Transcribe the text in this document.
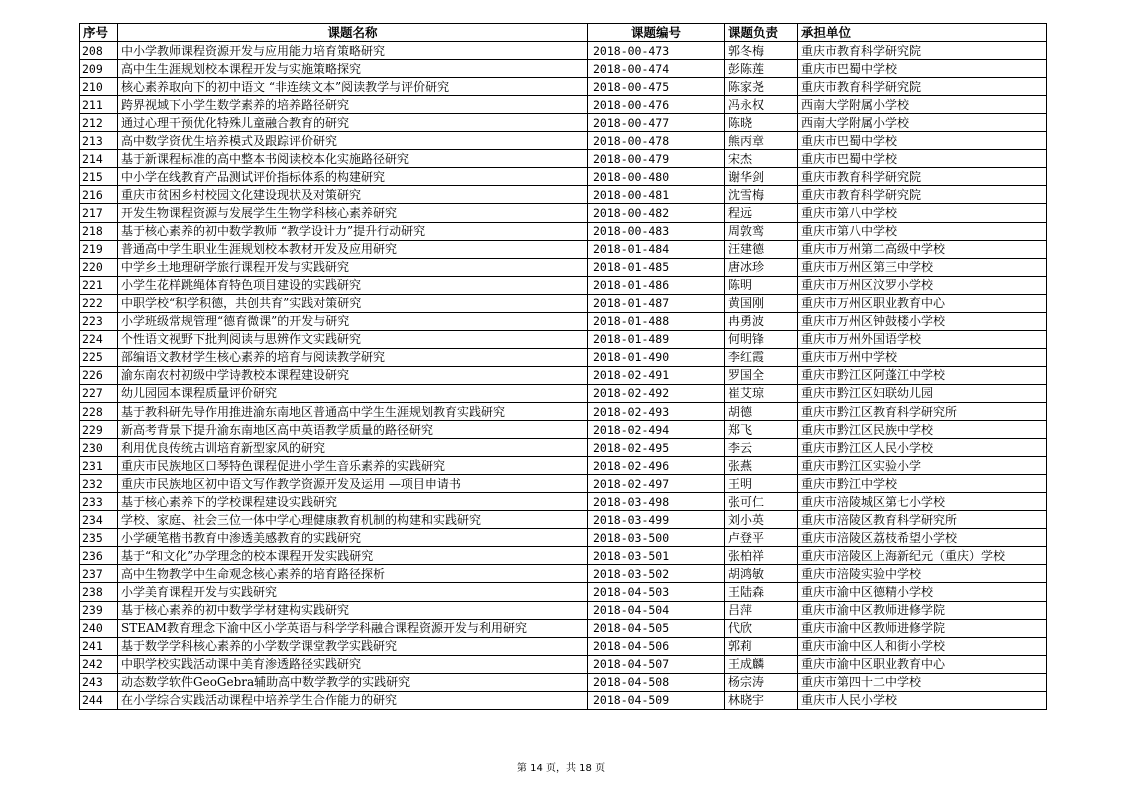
序号	课题名称	课题编号	课题负责	承担单位
208	中小学教师课程资源开发与应用能力培育策略研究	2018-00-473	郭冬梅	重庆市教育科学研究院
209	高中生生涯规划校本课程开发与实施策略探究	2018-00-474	彭陈莲	重庆市巴蜀中学校
210	核心素养取向下的初中语文 “非连续文本”阅读教学与评价研究	2018-00-475	陈家尧	重庆市教育科学研究院
211	跨界视域下小学生数学素养的培养路径研究	2018-00-476	冯永权	西南大学附属小学校
212	通过心理干预优化特殊儿童融合教育的研究	2018-00-477	陈晓	西南大学附属小学校
213	高中数学资优生培养模式及跟踪评价研究	2018-00-478	熊丙章	重庆市巴蜀中学校
214	基于新课程标准的高中整本书阅读校本化实施路径研究	2018-00-479	宋杰	重庆市巴蜀中学校
215	中小学在线教育产品测试评价指标体系的构建研究	2018-00-480	谢华剑	重庆市教育科学研究院
216	重庆市贫困乡村校园文化建设现状及对策研究	2018-00-481	沈雪梅	重庆市教育科学研究院
217	开发生物课程资源与发展学生生物学科核心素养研究	2018-00-482	程远	重庆市第八中学校
218	基于核心素养的初中数学教师 “教学设计力”提升行动研究	2018-00-483	周敦鸾	重庆市第八中学校
219	普通高中学生职业生涯规划校本教材开发及应用研究	2018-01-484	汪建德	重庆市万州第二高级中学校
220	中学乡土地理研学旅行课程开发与实践研究	2018-01-485	唐冰珍	重庆市万州区第三中学校
221	小学生花样跳绳体育特色项目建设的实践研究	2018-01-486	陈明	重庆市万州区汶罗小学校
222	中职学校“积学积德，共创共育”实践对策研究	2018-01-487	黄国刚	重庆市万州区职业教育中心
223	小学班级常规管理“德育微课”的开发与研究	2018-01-488	冉勇波	重庆市万州区钟鼓楼小学校
224	个性语文视野下批判阅读与思辨作文实践研究	2018-01-489	何明锋	重庆市万州外国语学校
225	部编语文教材学生核心素养的培育与阅读教学研究	2018-01-490	李红霞	重庆市万州中学校
226	渝东南农村初级中学诗教校本课程建设研究	2018-02-491	罗国全	重庆市黔江区阿蓬江中学校
227	幼儿园园本课程质量评价研究	2018-02-492	崔艾琼	重庆市黔江区妇联幼儿园
228	基于教科研先导作用推进渝东南地区普通高中学生生涯规划教育实践研究	2018-02-493	胡德	重庆市黔江区教育科学研究所
229	新高考背景下提升渝东南地区高中英语教学质量的路径研究	2018-02-494	郑飞	重庆市黔江区民族中学校
230	利用优良传统古训培育新型家风的研究	2018-02-495	李云	重庆市黔江区人民小学校
231	重庆市民族地区口琴特色课程促进小学生音乐素养的实践研究	2018-02-496	张燕	重庆市黔江区实验小学
232	重庆市民族地区初中语文写作教学资源开发及运用 —项目申请书	2018-02-497	王明	重庆市黔江中学校
233	基于核心素养下的学校课程建设实践研究	2018-03-498	张可仁	重庆市涪陵城区第七小学校
234	学校、家庭、社会三位一体中学心理健康教育机制的构建和实践研究	2018-03-499	刘小英	重庆市涪陵区教育科学研究所
235	小学硬笔楷书教育中渗透美感教育的实践研究	2018-03-500	卢登平	重庆市涪陵区荔枝希望小学校
236	基于“和文化”办学理念的校本课程开发实践研究	2018-03-501	张柏祥	重庆市涪陵区上海新纪元（重庆）学校
237	高中生物教学中生命观念核心素养的培育路径探析	2018-03-502	胡鸿敏	重庆市涪陵实验中学校
238	小学美育课程开发与实践研究	2018-04-503	王陆森	重庆市渝中区德精小学校
239	基于核心素养的初中数学学材建构实践研究	2018-04-504	吕萍	重庆市渝中区教师进修学院
240	STEAM教育理念下渝中区小学英语与科学学科融合课程资源开发与利用研究	2018-04-505	代欣	重庆市渝中区教师进修学院
241	基于数学学科核心素养的小学数学课堂教学实践研究	2018-04-506	郭莉	重庆市渝中区人和街小学校
242	中职学校实践活动课中美育渗透路径实践研究	2018-04-507	王成麟	重庆市渝中区职业教育中心
243	动态数学软件GeoGebra辅助高中数学教学的实践研究	2018-04-508	杨宗涛	重庆市第四十二中学校
244	在小学综合实践活动课程中培养学生合作能力的研究	2018-04-509	林晓宇	重庆市人民小学校
第 14 页，共 18 页
